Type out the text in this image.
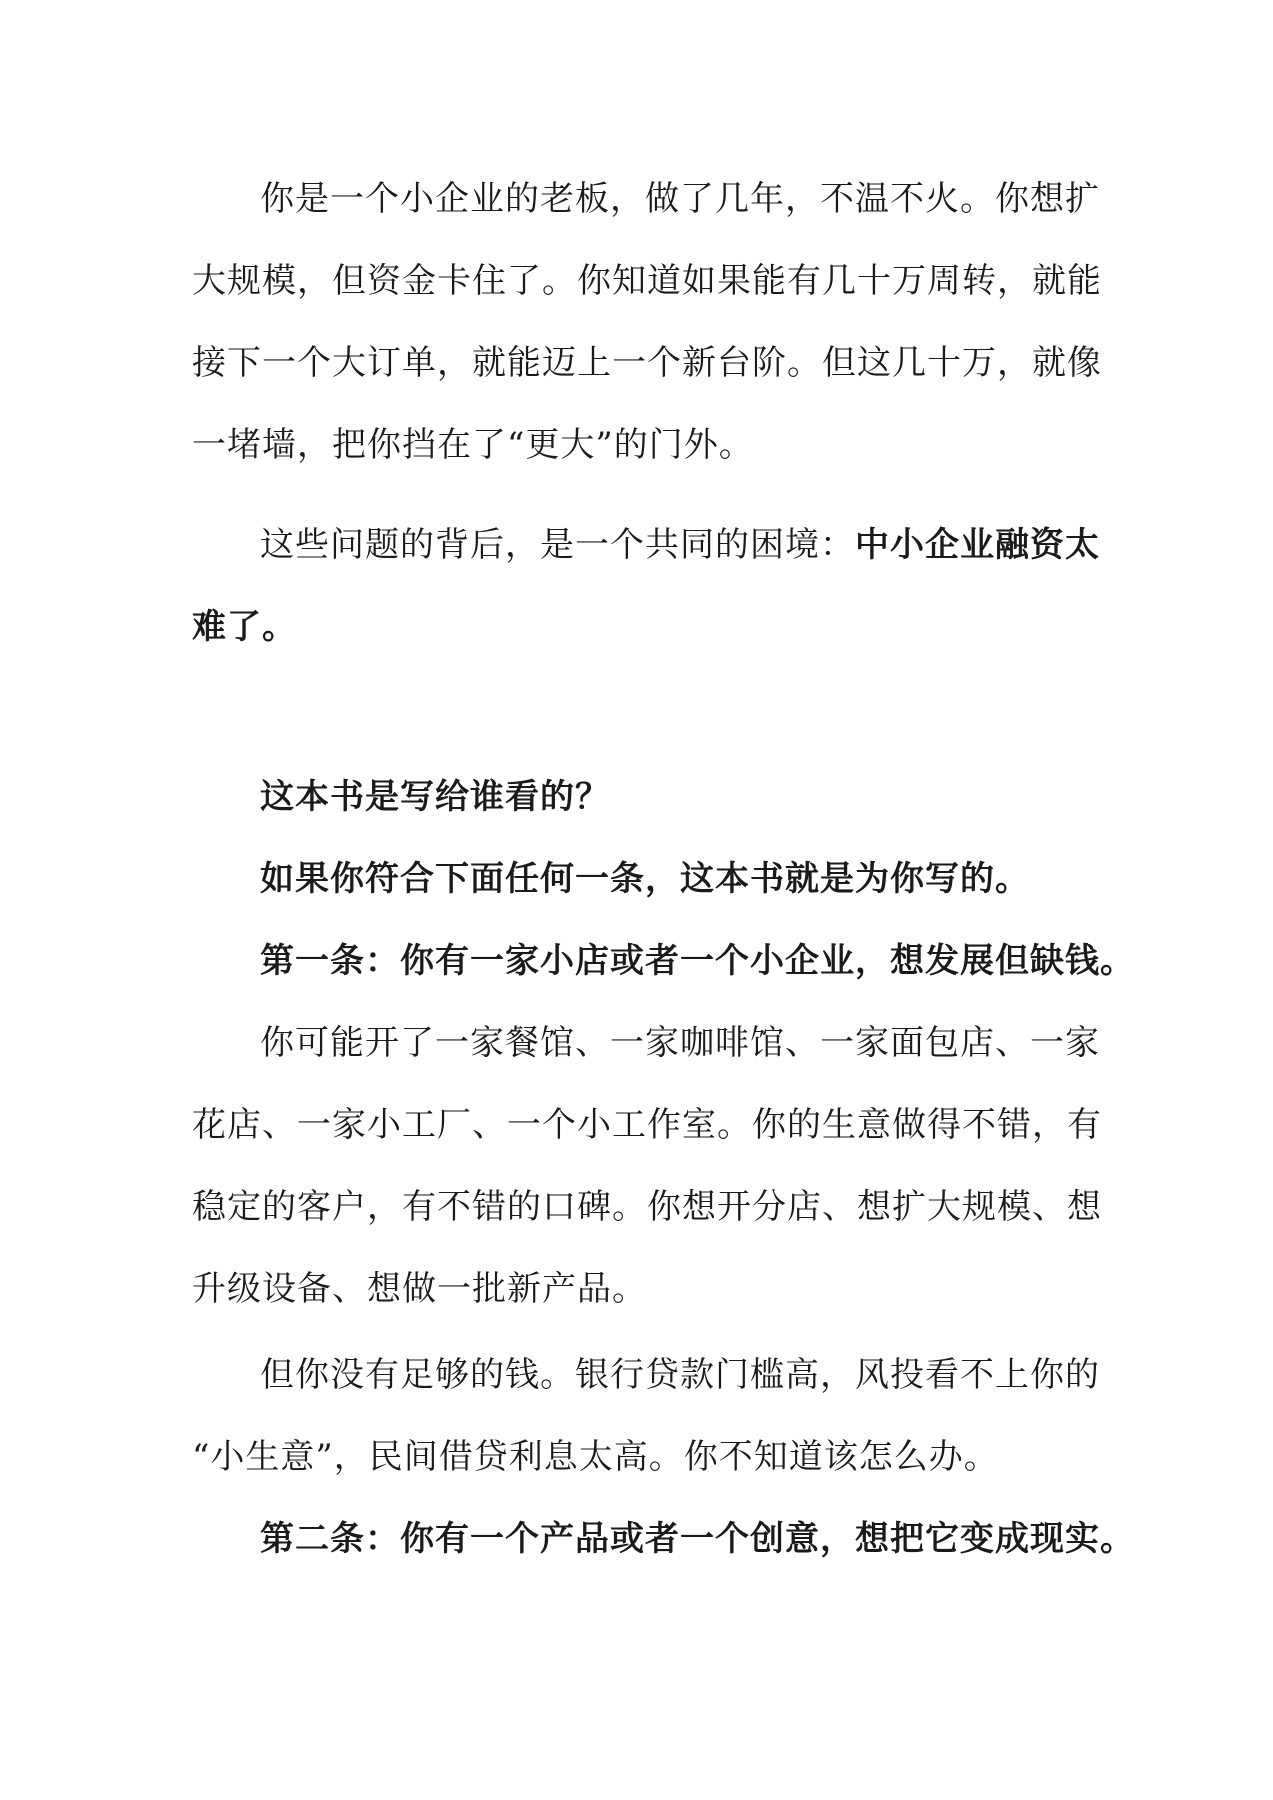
你是一个小企业的老板，做了几年，不温不火。你想扩
大规模，但资金卡住了。你知道如果能有几十万周转，就能
接下一个大订单，就能迈上一个新台阶。但这几十万，就像
一堵墙，把你挡在了“更大”的门外。
这些问题的背后，是一个共同的困境：中小企业融资太
难了。
这本书是写给谁看的？
如果你符合下面任何一条，这本书就是为你写的。
第一条：你有一家小店或者一个小企业，想发展但缺钱。
你可能开了一家餐馆、一家咖啡馆、一家面包店、一家
花店、一家小工厂、一个小工作室。你的生意做得不错，有
稳定的客户，有不错的口碑。你想开分店、想扩大规模、想
升级设备、想做一批新产品。
但你没有足够的钱。银行贷款门槛高，风投看不上你的
“小生意”，民间借贷利息太高。你不知道该怎么办。
第二条：你有一个产品或者一个创意，想把它变成现实。
